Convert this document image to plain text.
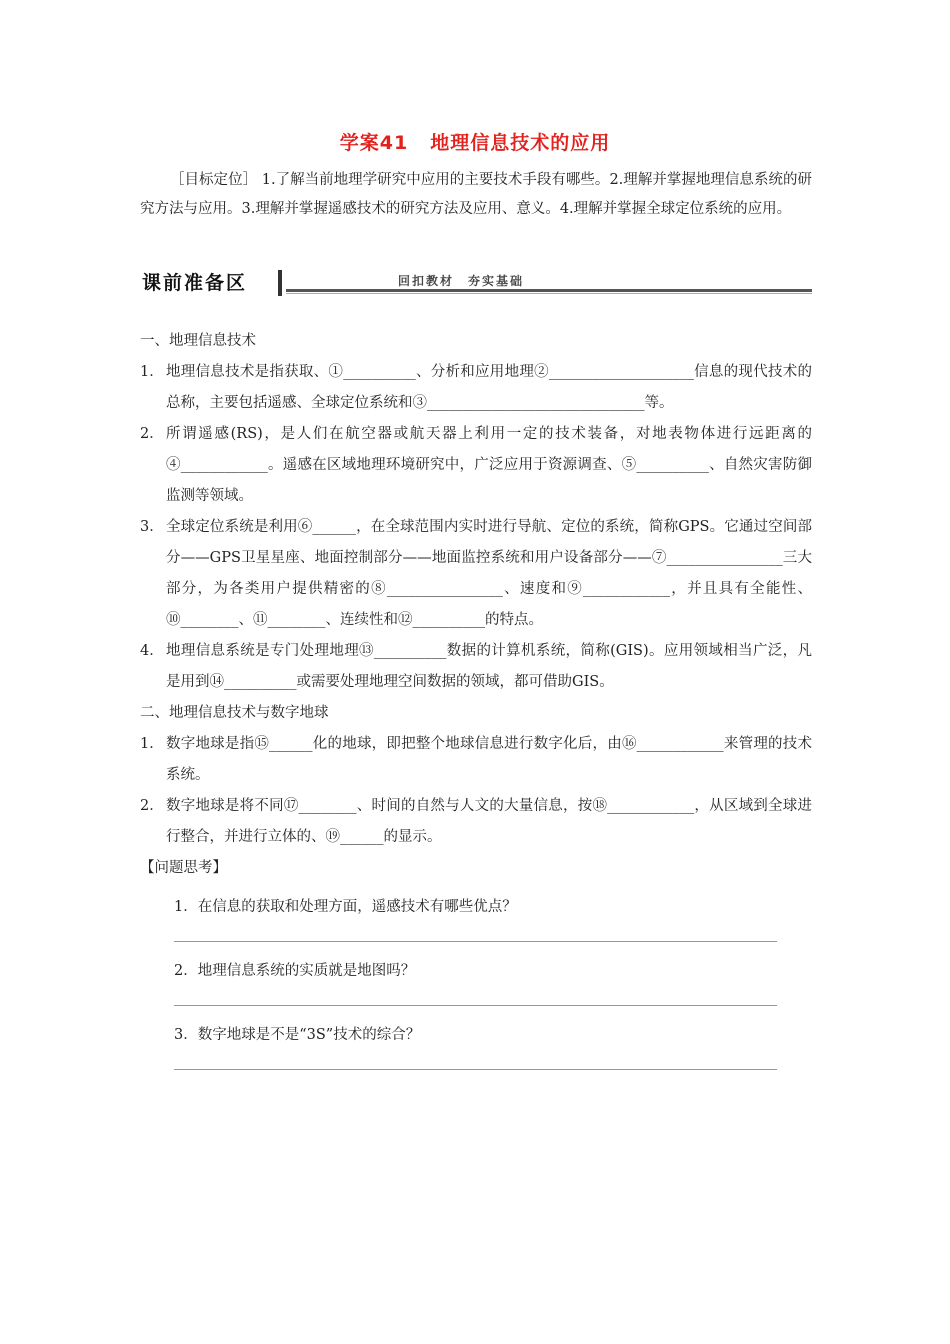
学案41 地理信息技术的应用
［目标定位］ 1.了解当前地理学研究中应用的主要技术手段有哪些。2.理解并掌握地理信息系统的研究方法与应用。3.理解并掌握遥感技术的研究方法及应用、意义。4.理解并掌握全球定位系统的应用。
课前准备区	回扣教材　夯实基础

一、地理信息技术

1． 地理信息技术是指获取、①__________、分析和应用地理②____________________信息的现代技术的总称，主要包括遥感、全球定位系统和③______________________________等。

2． 所谓遥感(RS)，是人们在航空器或航天器上利用一定的技术装备，对地表物体进行远距离的④____________。遥感在区域地理环境研究中，广泛应用于资源调查、⑤__________、自然灾害防御监测等领域。

3． 全球定位系统是利用⑥______，在全球范围内实时进行导航、定位的系统，简称GPS。它通过空间部分——GPS卫星星座、地面控制部分——地面监控系统和用户设备部分——⑦________________三大部分，为各类用户提供精密的⑧________________、速度和⑨____________，并且具有全能性、⑩________、⑪________、连续性和⑫__________的特点。

4． 地理信息系统是专门处理地理⑬__________数据的计算机系统，简称(GIS)。应用领域相当广泛，凡是用到⑭__________或需要处理地理空间数据的领域，都可借助GIS。

二、地理信息技术与数字地球

1． 数字地球是指⑮______化的地球，即把整个地球信息进行数字化后，由⑯____________来管理的技术系统。

2． 数字地球是将不同⑰________、时间的自然与人文的大量信息，按⑱____________，从区域到全球进行整合，并进行立体的、⑲______的显示。

【问题思考】

1．在信息的获取和处理方面，遥感技术有哪些优点？

2．地理信息系统的实质就是地图吗？

3．数字地球是不是“3S”技术的综合？
